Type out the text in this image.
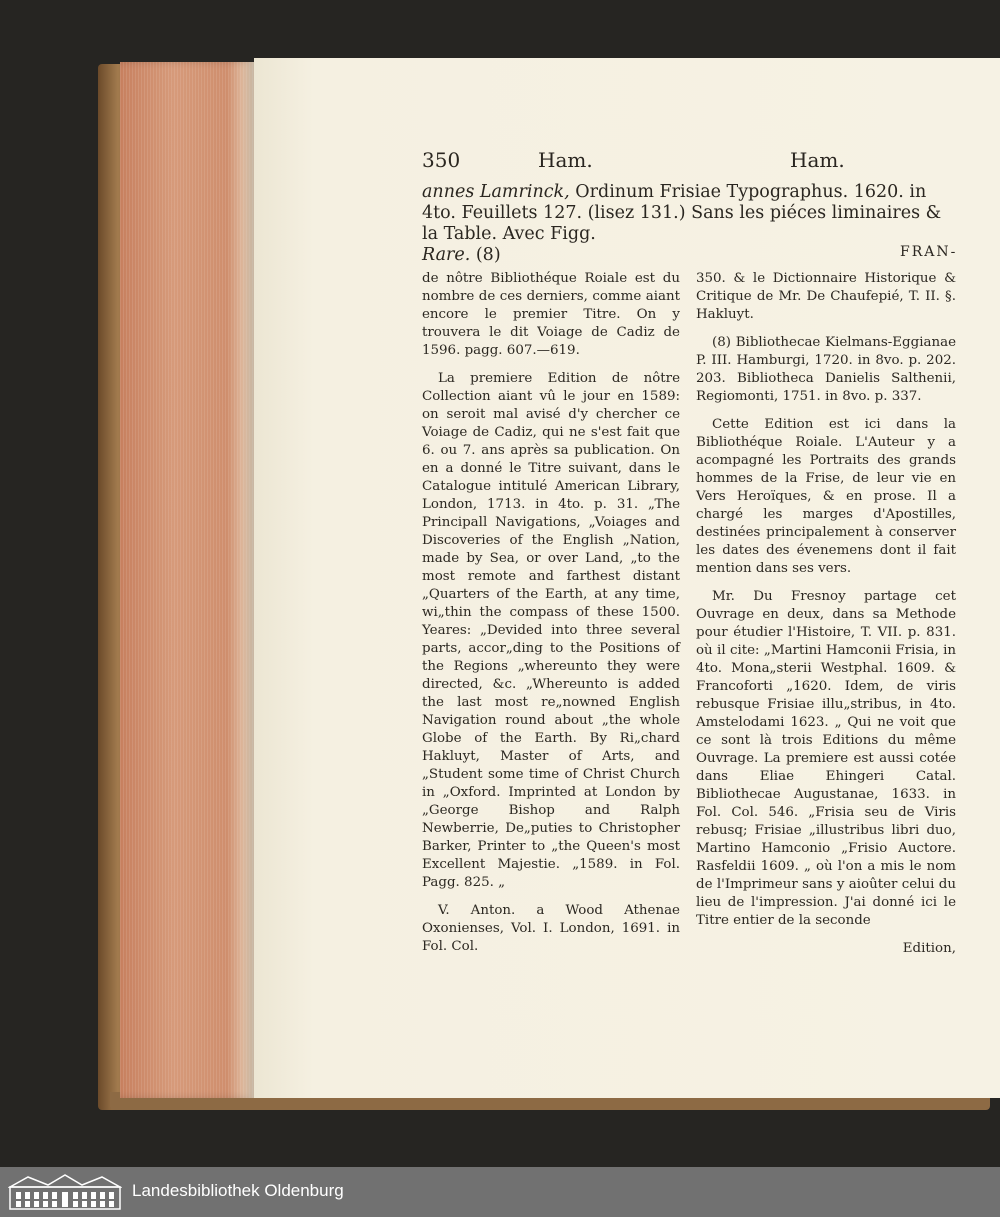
350	Ham.	Ham.
annes Lamrinck, Ordinum Frisiae Typographus. 1620. in 4to. Feuillets 127. (lisez 131.) Sans les piéces liminaires & la Table. Avec Figg.
Rare. (8)	FRAN-

de nôtre Bibliothéque Roiale est du nombre de ces derniers, comme aiant encore le premier Titre. On y trouvera le dit Voiage de Cadiz de 1596. pagg. 607.—619.

La premiere Edition de nôtre Collection aiant vû le jour en 1589: on seroit mal avisé d'y chercher ce Voiage de Cadiz, qui ne s'est fait que 6. ou 7. ans après sa publication. On en a donné le Titre suivant, dans le Catalogue intitulé American Library, London, 1713. in 4to. p. 31. „The Principall Navigations, „Voiages and Discoveries of the English „Nation, made by Sea, or over Land, „to the most remote and farthest distant „Quarters of the Earth, at any time, wi„thin the compass of these 1500. Yeares: „Devided into three several parts, accor„ding to the Positions of the Regions „whereunto they were directed, &c. „Whereunto is added the last most re„nowned English Navigation round about „the whole Globe of the Earth. By Ri„chard Hakluyt, Master of Arts, and „Student some time of Christ Church in „Oxford. Imprinted at London by „George Bishop and Ralph Newberrie, De„puties to Christopher Barker, Printer to „the Queen's most Excellent Majestie. „1589. in Fol. Pagg. 825. „

V. Anton. a Wood Athenae Oxonienses, Vol. I. London, 1691. in Fol. Col.

350. & le Dictionnaire Historique & Critique de Mr. De Chaufepié, T. II. §. Hakluyt.

(8) Bibliothecae Kielmans-Eggianae P. III. Hamburgi, 1720. in 8vo. p. 202. 203. Bibliotheca Danielis Salthenii, Regiomonti, 1751. in 8vo. p. 337.

Cette Edition est ici dans la Bibliothéque Roiale. L'Auteur y a acompagné les Portraits des grands hommes de la Frise, de leur vie en Vers Heroïques, & en prose. Il a chargé les marges d'Apostilles, destinées principalement à conserver les dates des évenemens dont il fait mention dans ses vers.

Mr. Du Fresnoy partage cet Ouvrage en deux, dans sa Methode pour étudier l'Histoire, T. VII. p. 831. où il cite: „Martini Hamconii Frisia, in 4to. Mona„sterii Westphal. 1609. & Francoforti „1620. Idem, de viris rebusque Frisiae illu„stribus, in 4to. Amstelodami 1623. „ Qui ne voit que ce sont là trois Editions du même Ouvrage. La premiere est aussi cotée dans Eliae Ehingeri Catal. Bibliothecae Augustanae, 1633. in Fol. Col. 546. „Frisia seu de Viris rebusq; Frisiae „illustribus libri duo, Martino Hamconio „Frisio Auctore. Rasfeldii 1609. „ où l'on a mis le nom de l'Imprimeur sans y aioûter celui du lieu de l'impression. J'ai donné ici le Titre entier de la seconde

Edition,

Landesbibliothek Oldenburg
